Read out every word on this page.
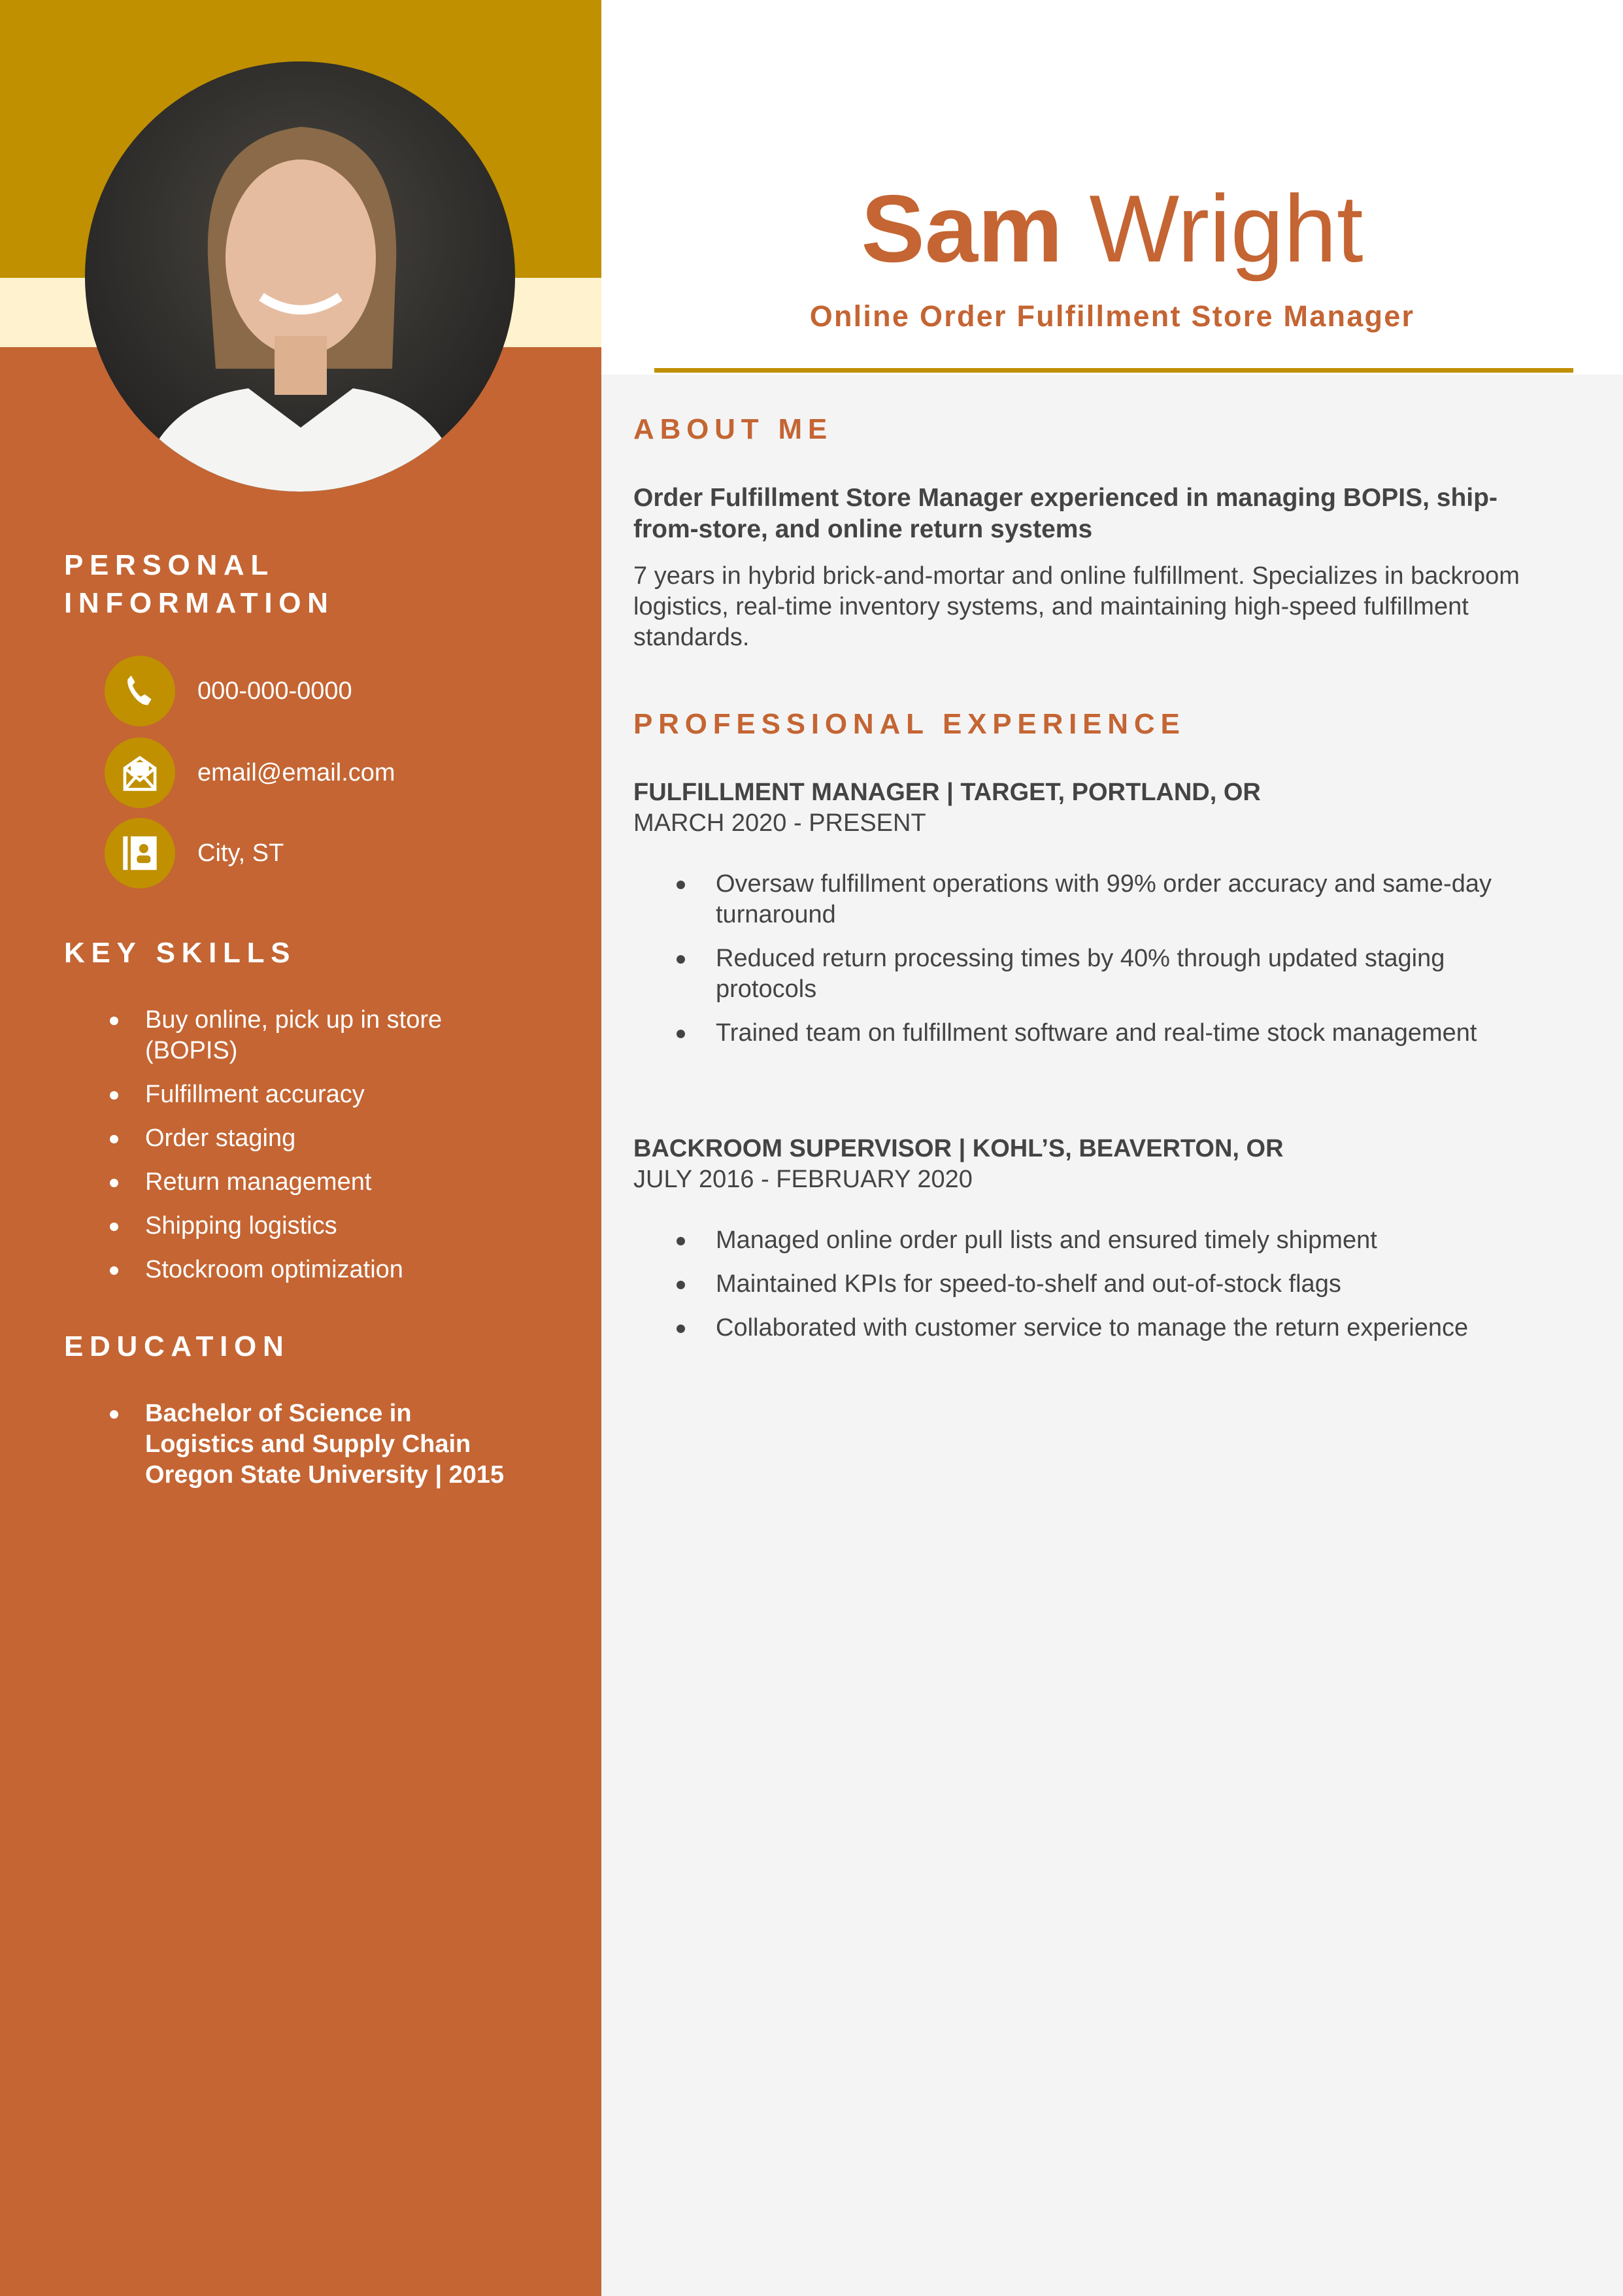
Sam Wright
Online Order Fulfillment Store Manager
PERSONAL
INFORMATION
000-000-0000
email@email.com
City, ST
KEY SKILLS
Buy online, pick up in store (BOPIS)
Fulfillment accuracy
Order staging
Return management
Shipping logistics
Stockroom optimization
EDUCATION
Bachelor of Science in
Logistics and Supply Chain
Oregon State University | 2015
ABOUT ME
Order Fulfillment Store Manager experienced in managing BOPIS, ship-from-store, and online return systems
7 years in hybrid brick-and-mortar and online fulfillment. Specializes in backroom logistics, real-time inventory systems, and maintaining high-speed fulfillment standards.
PROFESSIONAL EXPERIENCE
FULFILLMENT MANAGER | TARGET, PORTLAND, OR
MARCH 2020 - PRESENT
Oversaw fulfillment operations with 99% order accuracy and same-day turnaround
Reduced return processing times by 40% through updated staging protocols
Trained team on fulfillment software and real-time stock management
BACKROOM SUPERVISOR | KOHL’S, BEAVERTON, OR
JULY 2016 - FEBRUARY 2020
Managed online order pull lists and ensured timely shipment
Maintained KPIs for speed-to-shelf and out-of-stock flags
Collaborated with customer service to manage the return experience
